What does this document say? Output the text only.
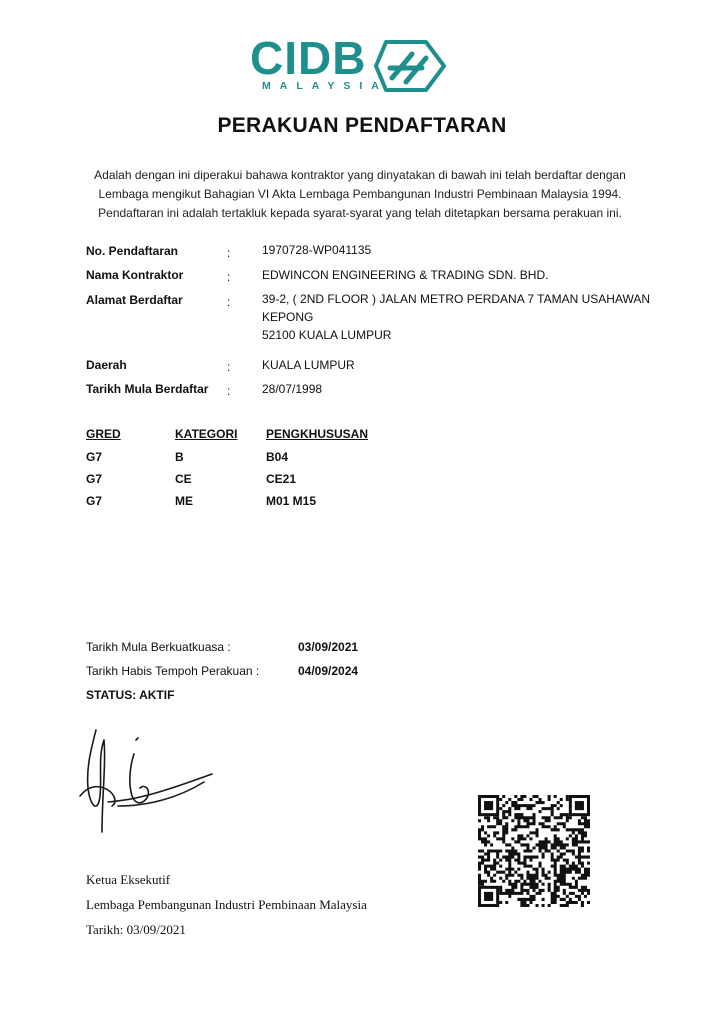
CIDB
MALAYSIA
PERAKUAN PENDAFTARAN
Adalah dengan ini diperakui bahawa kontraktor yang dinyatakan di bawah ini telah berdaftar dengan
Lembaga mengikut Bahagian VI Akta Lembaga Pembangunan Industri Pembinaan Malaysia 1994.
Pendaftaran ini adalah tertakluk kepada syarat-syarat yang telah ditetapkan bersama perakuan ini.
No. Pendaftaran	:	1970728-WP041135
Nama Kontraktor	:	EDWINCON ENGINEERING & TRADING SDN. BHD.
Alamat Berdaftar	:	39-2, ( 2ND FLOOR ) JALAN METRO PERDANA 7 TAMAN USAHAWAN
KEPONG
52100 KUALA LUMPUR
Daerah	:	KUALA LUMPUR
Tarikh Mula Berdaftar :	28/07/1998
GRED	KATEGORI PENGKHUSUSAN
G7	B	B04
G7	CE	CE21
G7	ME	M01 M15
Tarikh Mula Berkuatkuasa :	03/09/2021
Tarikh Habis Tempoh Perakuan :	04/09/2024
STATUS: AKTIF
Ketua Eksekutif
Lembaga Pembangunan Industri Pembinaan Malaysia
Tarikh: 03/09/2021
